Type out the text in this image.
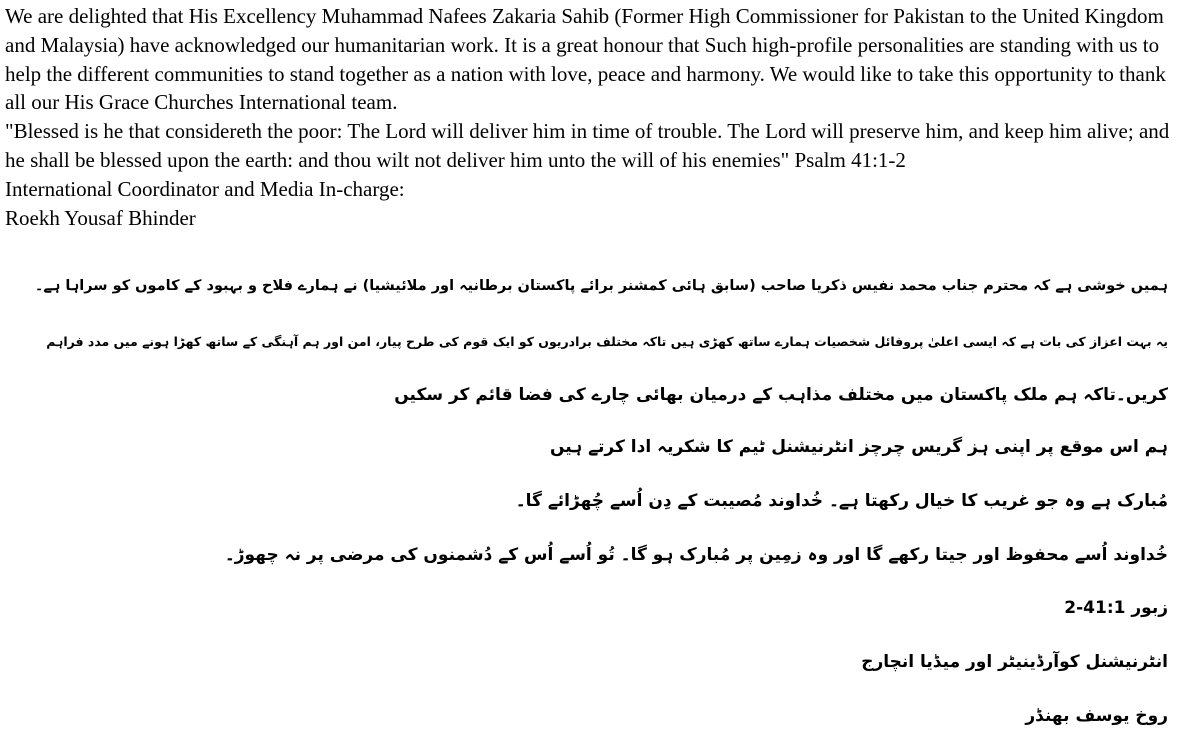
We are delighted that His Excellency Muhammad Nafees Zakaria Sahib (Former High Commissioner for Pakistan to the United Kingdom and Malaysia) have acknowledged our humanitarian work. It is a great honour that Such high-profile personalities are standing with us to help the different communities to stand together as a nation with love, peace and harmony. We would like to take this opportunity to thank all our His Grace Churches International team.

"Blessed is he that considereth the poor: The Lord will deliver him in time of trouble. The Lord will preserve him, and keep him alive; and he shall be blessed upon the earth: and thou wilt not deliver him unto the will of his enemies" Psalm 41:1-2

International Coordinator and Media In-charge:

Roekh Yousaf Bhinder

ہمیں خوشی ہے کہ محترم جناب محمد نفیس ذکریا صاحب (سابق ہائی کمشنر برائے پاکستان برطانیہ اور ملائیشیا) نے ہمارے فلاح و بہبود کے کاموں کو سراہا ہے۔

یہ بہت اعزاز کی بات ہے کہ ایسی اعلیٰ پروفائل شخصیات ہمارے ساتھ کھڑی ہیں تاکہ مختلف برادریوں کو ایک قوم کی طرح پیار، امن اور ہم آہنگی کے ساتھ کھڑا ہونے میں مدد فراہم

کریں۔تاکہ ہم ملک پاکستان میں مختلف مذاہب کے درمیان بھائی چارے کی فضا قائم کر سکیں

ہم اس موقع پر اپنی ہز گریس چرچز انٹرنیشنل ٹیم کا شکریہ ادا کرتے ہیں

مُبارک ہے وہ جو غریب کا خیال رکھتا ہے۔ خُداوند مُصیبت کے دِن اُسے چُھڑائے گا۔

خُداوند اُسے محفوظ اور جیتا رکھے گا اور وہ زمِین پر مُبارک ہو گا۔ تُو اُسے اُس کے دُشمنوں کی مرضی پر نہ چھوڑ۔

زبور 41:1-2

انٹرنیشنل کوآرڈینیٹر اور میڈیا انچارج

روخ یوسف بھنڈر
